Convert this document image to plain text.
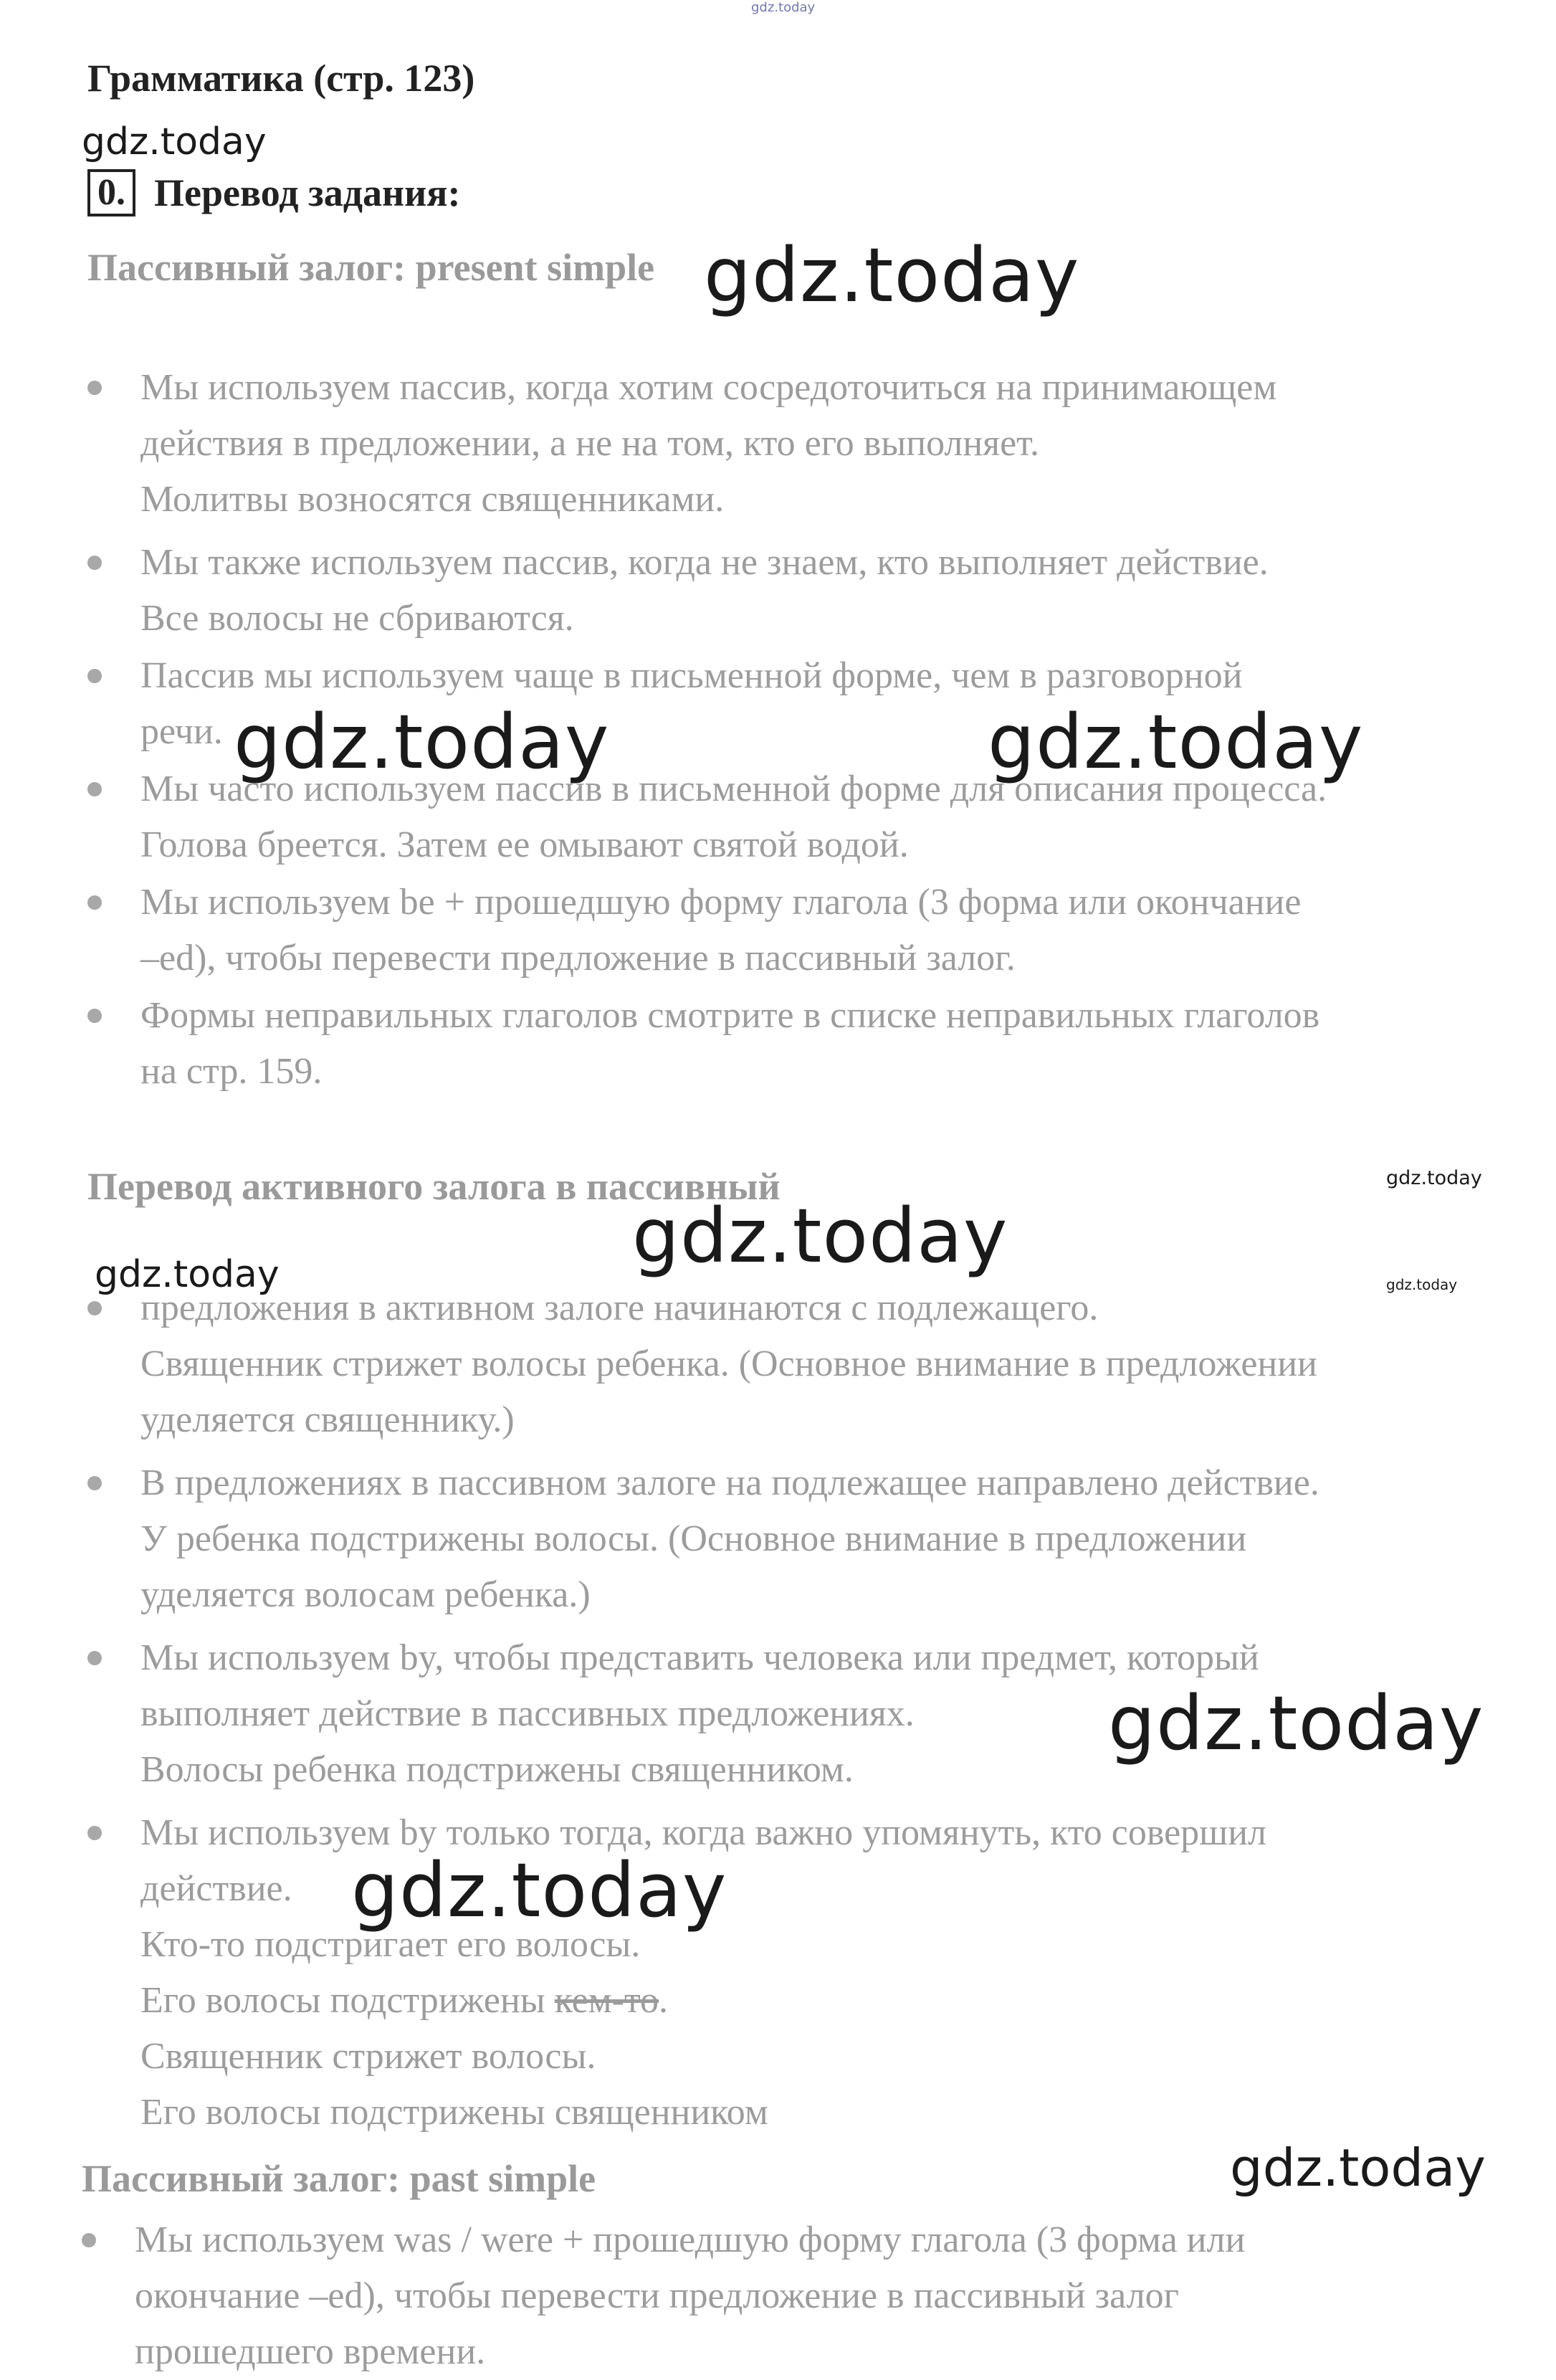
gdz.today
gdz.today
gdz.today
gdz.today	gdz.today
gdz.today
gdz.today
gdz.today	gdz.today
gdz.today
gdz.today
gdz.today
Грамматика (стр. 123)
0. Перевод задания:
Пассивный залог: present simple
Мы используем пассив, когда хотим сосредоточиться на принимающем
действия в предложении, а не на том, кто его выполняет.
Молитвы возносятся священниками.
Мы также используем пассив, когда не знаем, кто выполняет действие.
Все волосы не сбриваются.
Пассив мы используем чаще в письменной форме, чем в разговорной
речи.
Мы часто используем пассив в письменной форме для описания процесса.
Голова бреется. Затем ее омывают святой водой.
Мы используем be + прошедшую форму глагола (3 форма или окончание
–ed), чтобы перевести предложение в пассивный залог.
Формы неправильных глаголов смотрите в списке неправильных глаголов
на стр. 159.
Перевод активного залога в пассивный
предложения в активном залоге начинаются с подлежащего.
Священник стрижет волосы ребенка. (Основное внимание в предложении
уделяется священнику.)
В предложениях в пассивном залоге на подлежащее направлено действие.
У ребенка подстрижены волосы. (Основное внимание в предложении
уделяется волосам ребенка.)
Мы используем by, чтобы представить человека или предмет, который
выполняет действие в пассивных предложениях.
Волосы ребенка подстрижены священником.
Мы используем by только тогда, когда важно упомянуть, кто совершил
действие.
Кто-то подстригает его волосы.
Его волосы подстрижены кем-то.
Священник стрижет волосы.
Его волосы подстрижены священником
Пассивный залог: past simple
Мы используем was / were + прошедшую форму глагола (3 форма или
окончание –ed), чтобы перевести предложение в пассивный залог
прошедшего времени.
